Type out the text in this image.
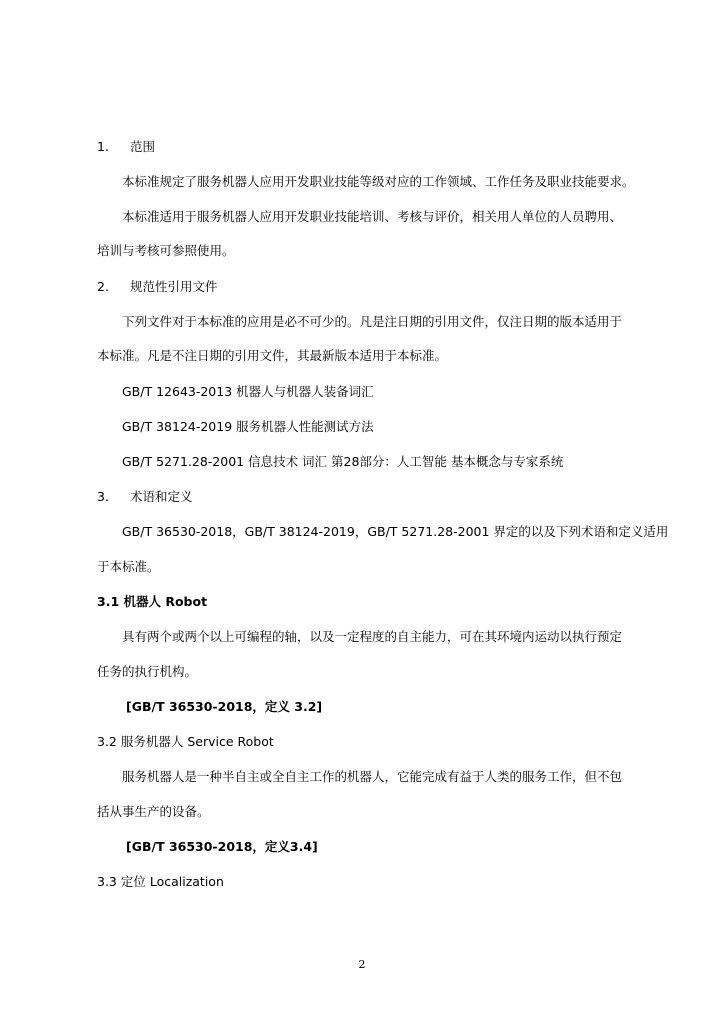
1. 范围
本标准规定了服务机器人应用开发职业技能等级对应的工作领域、工作任务及职业技能要求。
本标准适用于服务机器人应用开发职业技能培训、考核与评价，相关用人单位的人员聘用、
培训与考核可参照使用。
2. 规范性引用文件
下列文件对于本标准的应用是必不可少的。凡是注日期的引用文件，仅注日期的版本适用于
本标准。凡是不注日期的引用文件，其最新版本适用于本标准。
GB/T 12643-2013 机器人与机器人装备词汇
GB/T 38124-2019 服务机器人性能测试方法
GB/T 5271.28-2001 信息技术 词汇 第28部分：人工智能 基本概念与专家系统
3. 术语和定义
GB/T 36530-2018，GB/T 38124-2019，GB/T 5271.28-2001 界定的以及下列术语和定义适用
于本标准。
3.1 机器人 Robot
具有两个或两个以上可编程的轴，以及一定程度的自主能力，可在其环境内运动以执行预定
任务的执行机构。
[GB/T 36530-2018，定义 3.2]
3.2 服务机器人 Service Robot
服务机器人是一种半自主或全自主工作的机器人，它能完成有益于人类的服务工作，但不包
括从事生产的设备。
[GB/T 36530-2018，定义3.4]
3.3 定位 Localization
2
